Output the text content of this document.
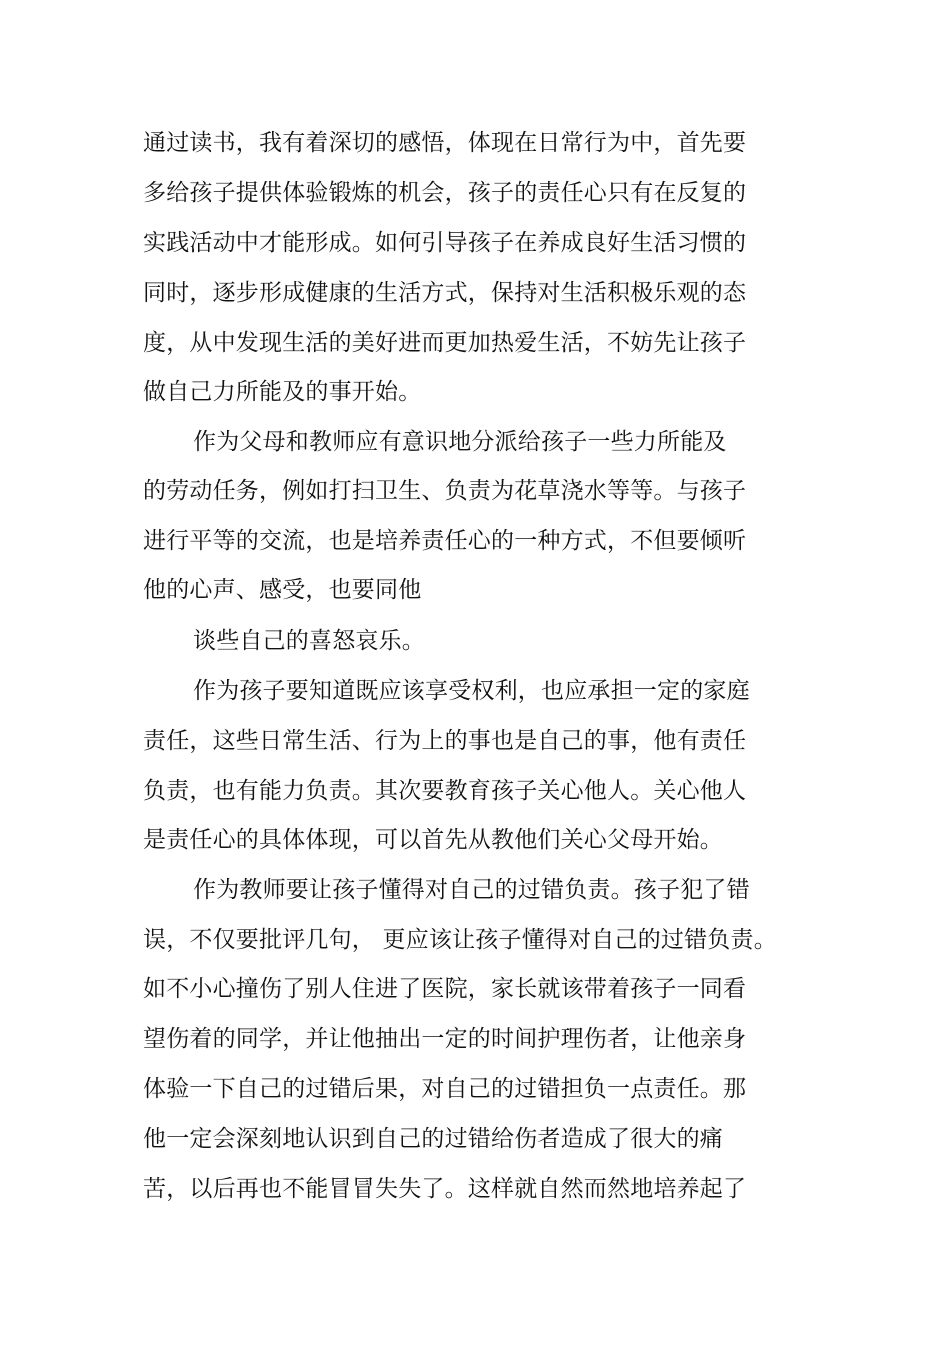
通过读书，我有着深切的感悟，体现在日常行为中，首先要
多给孩子提供体验锻炼的机会，孩子的责任心只有在反复的
实践活动中才能形成。如何引导孩子在养成良好生活习惯的
同时，逐步形成健康的生活方式，保持对生活积极乐观的态
度，从中发现生活的美好进而更加热爱生活，不妨先让孩子
做自己力所能及的事开始。
作为父母和教师应有意识地分派给孩子一些力所能及
的劳动任务，例如打扫卫生、负责为花草浇水等等。与孩子
进行平等的交流，也是培养责任心的一种方式，不但要倾听
他的心声、感受，也要同他
谈些自己的喜怒哀乐。
作为孩子要知道既应该享受权利，也应承担一定的家庭
责任，这些日常生活、行为上的事也是自己的事，他有责任
负责，也有能力负责。其次要教育孩子关心他人。关心他人
是责任心的具体体现，可以首先从教他们关心父母开始。
作为教师要让孩子懂得对自己的过错负责。孩子犯了错
误，不仅要批评几句， 更应该让孩子懂得对自己的过错负责。
如不小心撞伤了别人住进了医院，家长就该带着孩子一同看
望伤着的同学，并让他抽出一定的时间护理伤者，让他亲身
体验一下自己的过错后果，对自己的过错担负一点责任。那
他一定会深刻地认识到自己的过错给伤者造成了很大的痛
苦，以后再也不能冒冒失失了。这样就自然而然地培养起了
